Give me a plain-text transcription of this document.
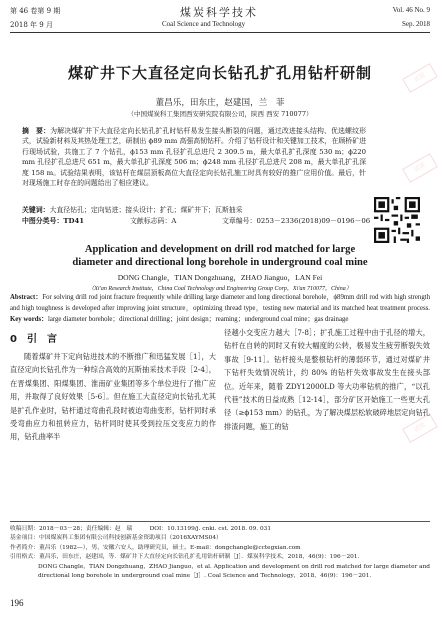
第 46 卷第 9 期	煤炭科学技术	Vol. 46 No. 9
2018 年 9 月	Coal Science and Technology	Sep. 2018
煤矿井下大直径定向长钻孔扩孔用钻杆研制
董昌乐，田东庄，赵建国，兰　菲
（中国煤炭科工集团西安研究院有限公司，陕西 西安 710077）
摘　要：为解决煤矿井下大直径定向长钻孔扩孔时钻杆易发生接头断裂的问题，通过改进接头结构、优选螺纹形式，试验新材料及其热处理工艺，研制出 ϕ89 mm 高强高韧钻杆。介绍了钻杆设计和关键加工技术，在顾桥矿进行现场试验，共施工了 7 个钻孔，ϕ153 mm 孔径扩孔总进尺 2 309.5 m，最大单孔扩孔深度 530 m；ϕ220 mm 孔径扩孔总进尺 651 m，最大单孔扩孔深度 506 m；ϕ248 mm 孔径扩孔总进尺 208 m，最大单孔扩孔深度 158 m。试验结果表明，该钻杆在煤层顶板高位大直径定向长钻孔施工时具有较好的推广应用价值。最后，针对现场施工时存在的问题给出了相应建议。
关键词：大直径钻孔；定向钻进；接头设计；扩孔；煤矿井下；瓦斯抽采
中图分类号：TD41	文献标志码：A	文章编号：0253－2336(2018)09－0196－06
Application and development on drill rod matched for large
diameter and directional long borehole in underground coal mine
DONG Changle，TIAN Dongzhuang，ZHAO Jianguo，LAN Fei
（Xi′an Research Institute，China Coal Technology and Engineering Group Corp，Xi′an 710077，China）
Abstract：For solving drill rod joint fracture frequently while drilling large diameter and long directional borehole，ϕ89mm drill rod with high strength and high toughness is developed after improving joint structure，optimizing thread type，testing new material and its matched heat treatment process.
Key words：large diameter borehole；directional drilling；joint design；reaming；underground coal mine；gas drainage
0　引　言
随着煤矿井下定向钻进技术的不断推广和迅猛发展［1］，大直径定向长钻孔作为一种综合高效的瓦斯抽采技术手段［2-4］，在晋煤集团、阳煤集团、淮南矿业集团等多个单位进行了推广应用，并取得了良好效果［5-6］。但在施工大直径定向长钻孔尤其是扩孔作业时，钻杆通过弯曲孔段时被迫弯曲变形，钻杆同时承受弯曲应力和扭转应力，钻杆同时使其受到拉压交变应力的作用，钻孔曲率半
径越小交变应力越大［7-8］；扩孔施工过程中由于孔径的增大，钻杆在自转的同时又有较大幅度的公转，极易发生疲劳断裂失效事故［9-11］。钻杆接头是整根钻杆的薄弱环节，通过对煤矿井下钻杆失效情况统计，约 80% 的钻杆失效事故发生在接头部位。近年来，随着 ZDY12000LD 等大功率钻机的推广，“以孔代巷”技术的日益成熟［12-14］，部分矿区开始施工一些更大孔径（≥ϕ153 mm）的钻孔，为了解决煤层松软破碎地层定向钻孔排渣问题，施工的钻
收稿日期：2018－03－28；责任编辑：赵　瑞　　　DOI：10.13199/j. cnki. cst. 2018. 09. 031
基金项目：中国煤炭科工集团有限公司科技创新基金资助项目（2016XAYMS04）
作者简介：董昌乐（1982—），男，安徽六安人，助理研究员，硕士。E-mail：dongchangle@cctegxian.com
引用格式：董昌乐，田东庄，赵建国，等．煤矿井下大直径定向长钻孔扩孔用钻杆研制［J］．煤炭科学技术，2018，46(9)：196－201．
DONG Changle，TIAN Dongzhuang，ZHAO Jianguo，et al. Application and development on drill rod matched for large diameter and directional long borehole in underground coal mine［J］. Coal Science and Technology，2018，46(9)：196－201．
196
试读
试读
试读
